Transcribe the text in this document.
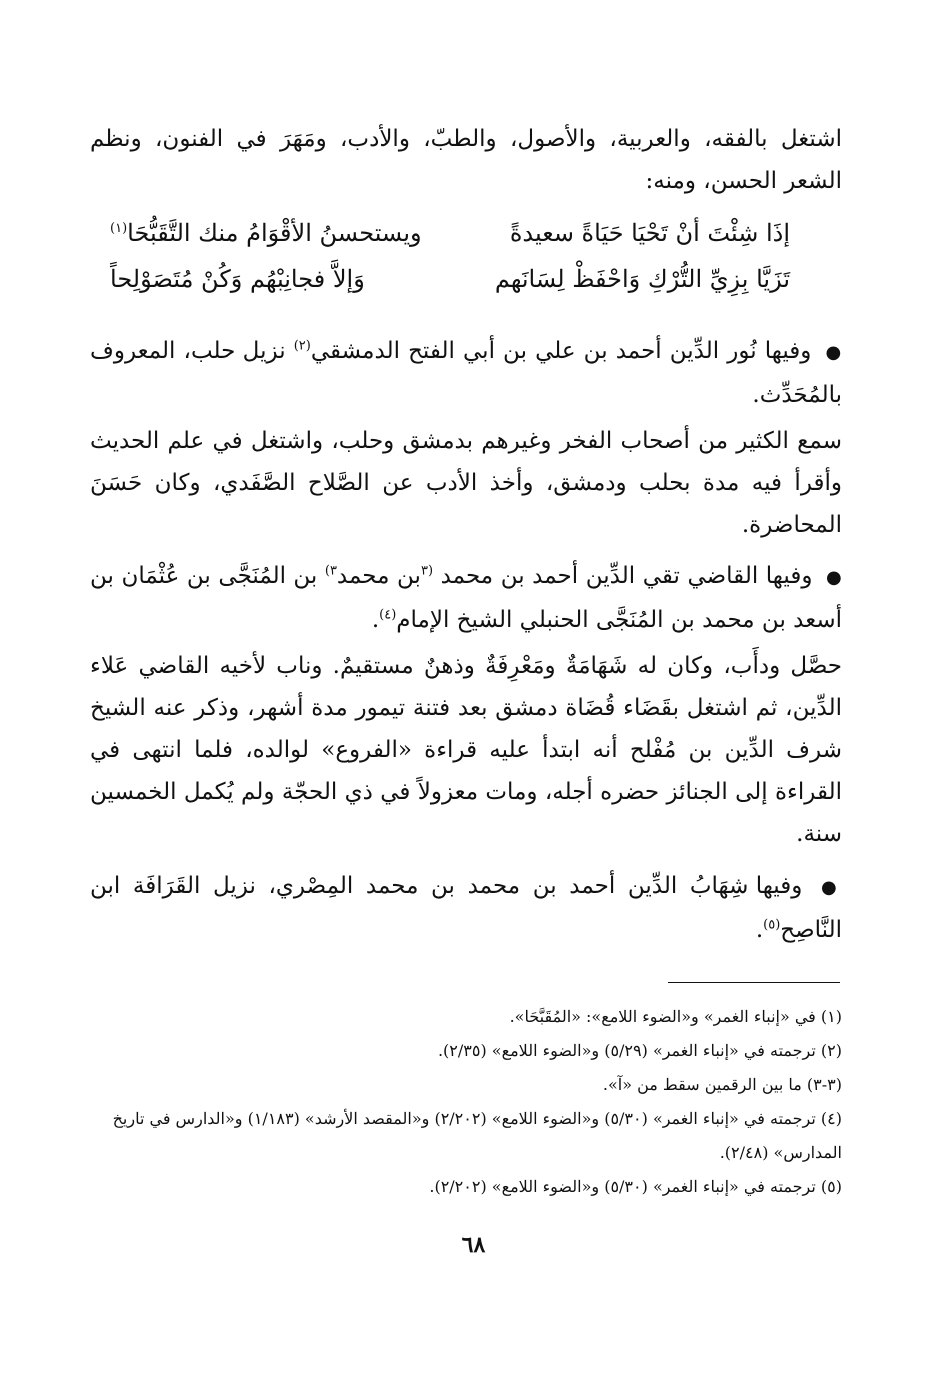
اشتغل بالفقه، والعربية، والأصول، والطبّ، والأدب، ومَهَرَ في الفنون، ونظم الشعر الحسن، ومنه:

إذَا شِئْتَ أنْ تَحْيَا حَيَاةً سعيدةً
ويستحسنُ الأقْوَامُ منك التَّقَبُّحَا$^{(١)}$
تَزَيَّا بِزِيِّ التُّرْكِ وَاحْفَظْ لِسَانَهم
وَإلاَّ فجانِبْهُم وَكُنْ مُتَصَوْلِحاً

● وفيها نُور الدِّين أحمد بن علي بن أبي الفتح الدمشقي$^{(٢)}$ نزيل حلب، المعروف بالمُحَدِّث.

سمع الكثير من أصحاب الفخر وغيرهم بدمشق وحلب، واشتغل في علم الحديث وأقرأ فيه مدة بحلب ودمشق، وأخذ الأدب عن الصَّلاح الصَّفَدي، وكان حَسَنَ المحاضرة.

● وفيها القاضي تقي الدِّين أحمد بن محمد $^{(٣}$بن محمد$^{٣)}$ بن المُنَجَّى بن عُثْمَان بن أسعد بن محمد بن المُنَجَّى الحنبلي الشيخ الإمام$^{(٤)}$.

حصَّل ودأَب، وكان له شَهَامَةٌ ومَعْرِفَةٌ وذهنٌ مستقيمٌ. وناب لأخيه القاضي عَلاء الدِّين، ثم اشتغل بقَضَاء قُضَاة دمشق بعد فتنة تيمور مدة أشهر، وذكر عنه الشيخ شرف الدِّين بن مُفْلح أنه ابتدأ عليه قراءة «الفروع» لوالده، فلما انتهى في القراءة إلى الجنائز حضره أجله، ومات معزولاً في ذي الحجّة ولم يُكمل الخمسين سنة.

● وفيها شِهَابُ الدِّين أحمد بن محمد بن محمد المِصْري، نزيل القَرَافَة ابن النَّاصِح$^{(٥)}$.

(١) في «إنباء الغمر» و«الضوء اللامع»: «المُقَبَّحَا».

(٢) ترجمته في «إنباء الغمر» (٥/٢٩) و«الضوء اللامع» (٢/٣٥).

(٣-٣) ما بين الرقمين سقط من «آ».

(٤) ترجمته في «إنباء الغمر» (٥/٣٠) و«الضوء اللامع» (٢/٢٠٢) و«المقصد الأرشد» (١/١٨٣) و«الدارس في تاريخ المدارس» (٢/٤٨).

(٥) ترجمته في «إنباء الغمر» (٥/٣٠) و«الضوء اللامع» (٢/٢٠٢).

٦٨
